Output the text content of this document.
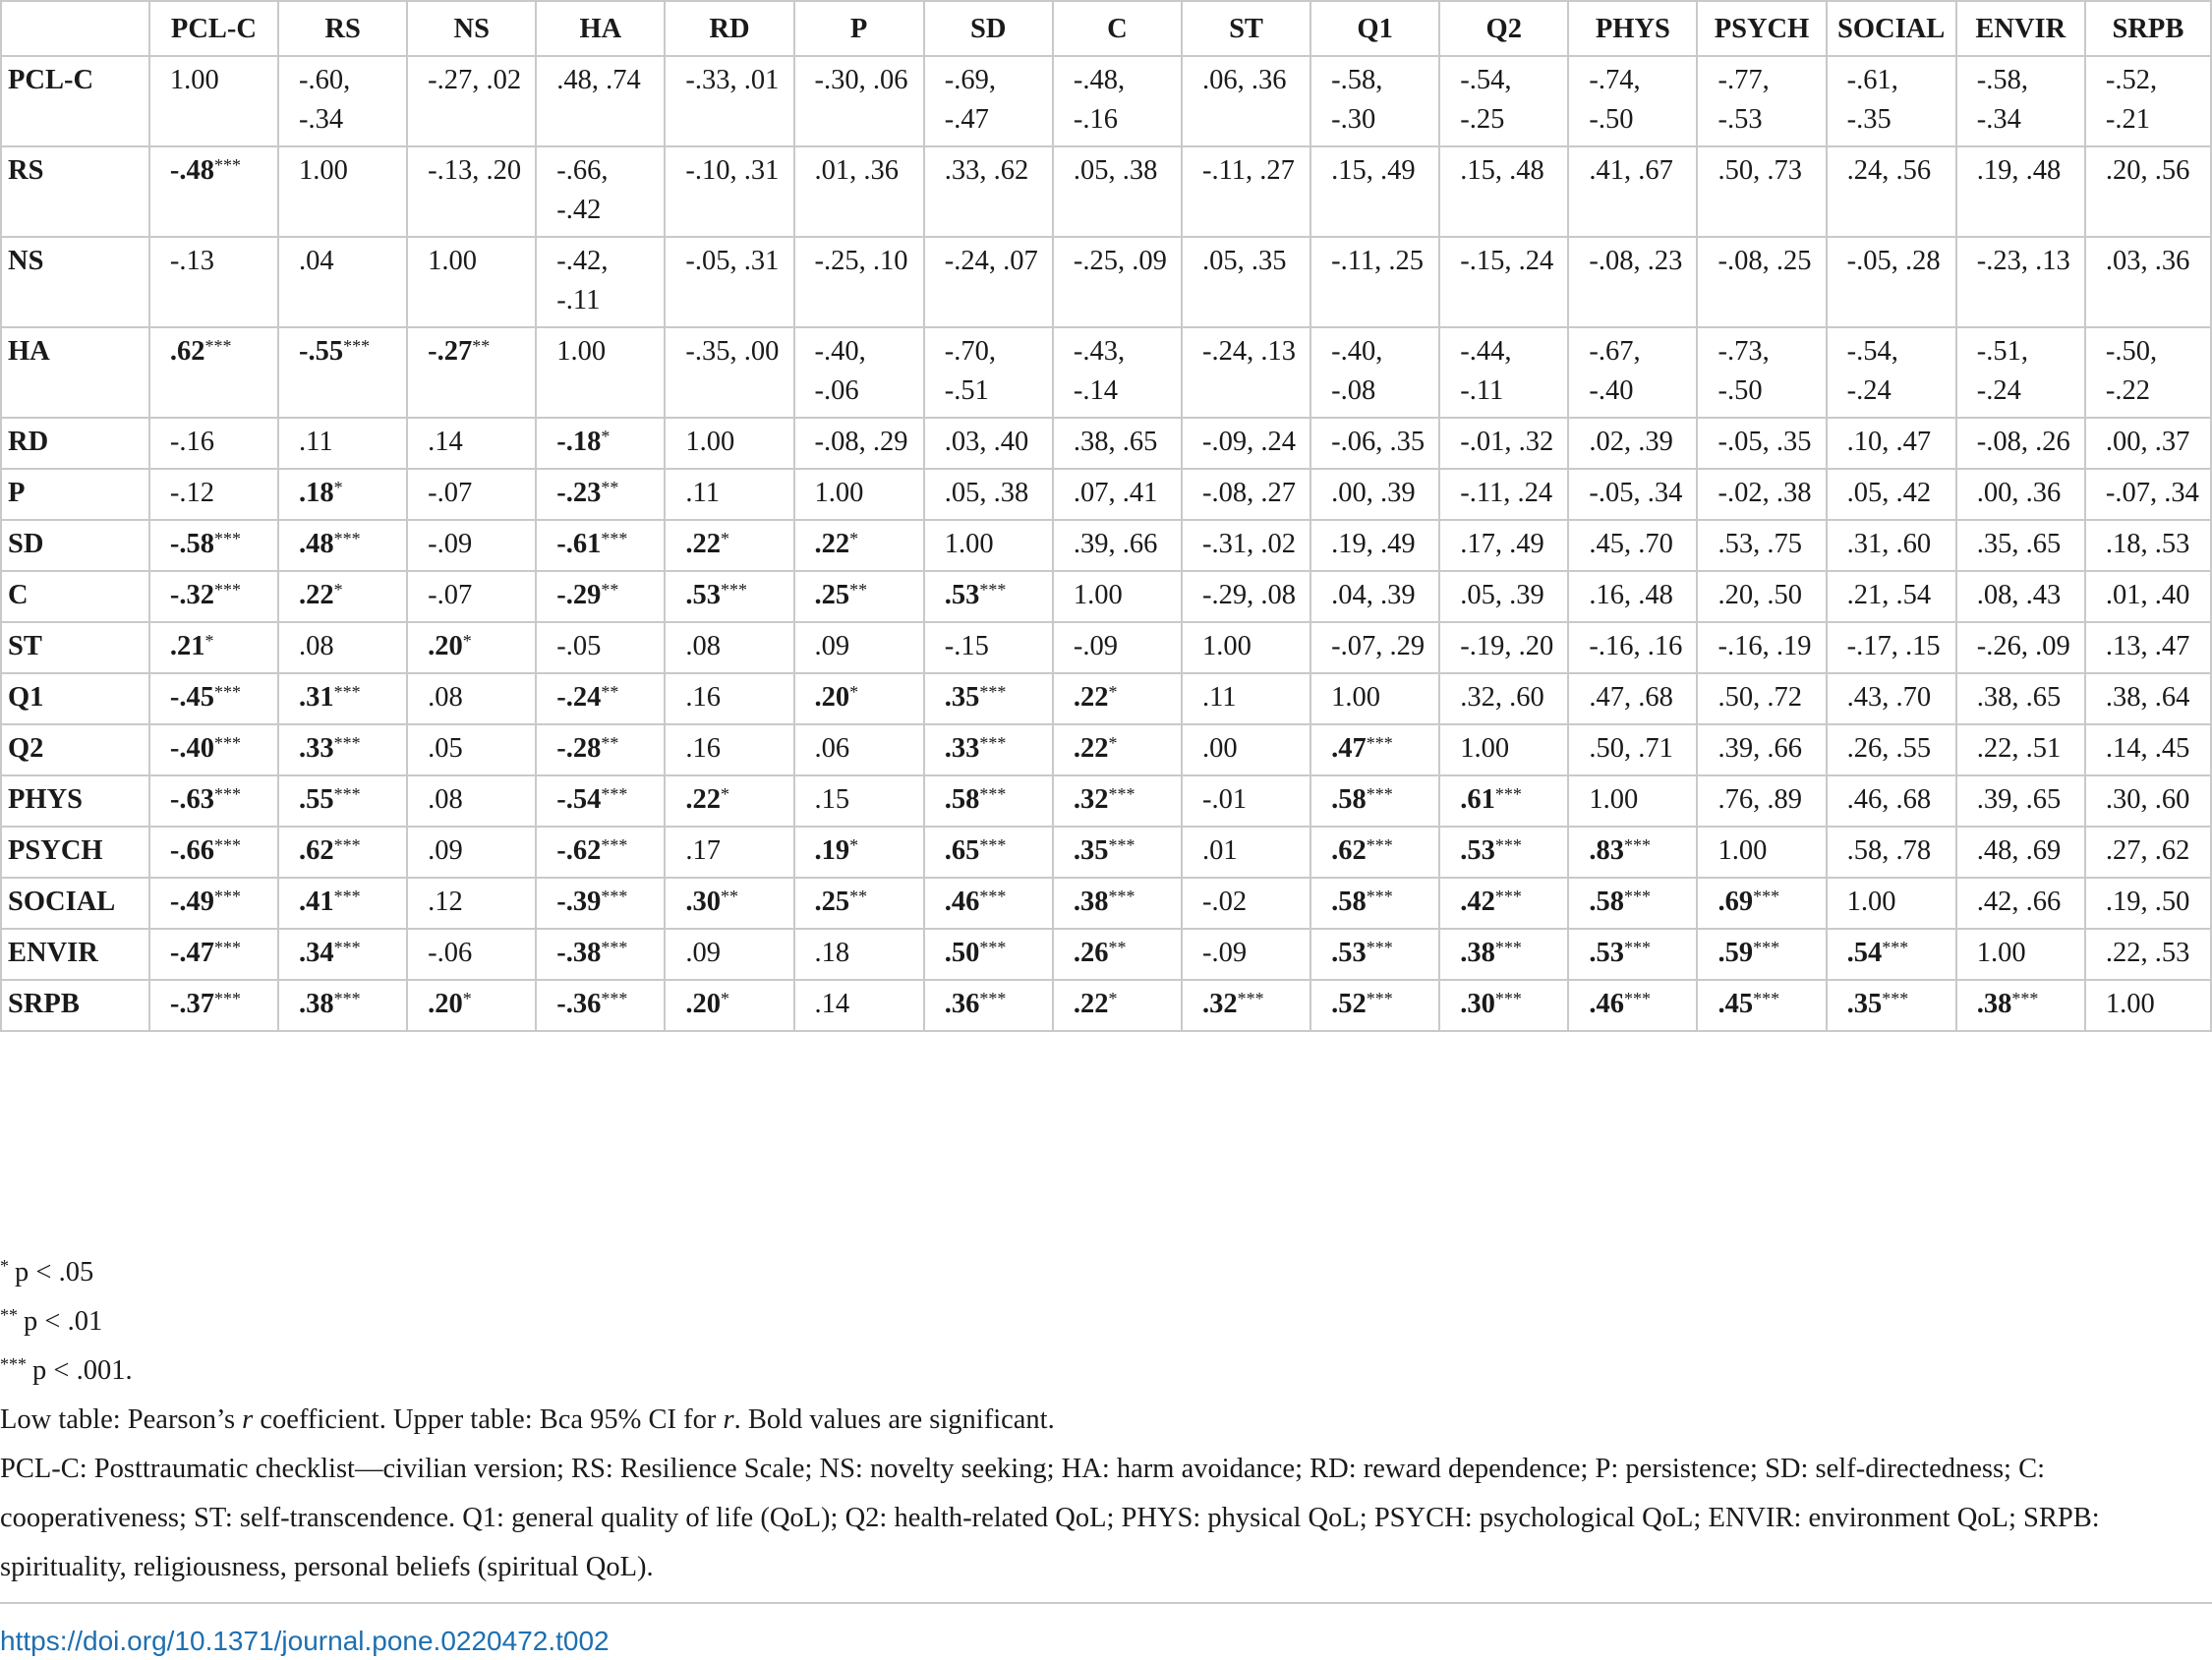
	PCL-C	RS	NS	HA	RD	P	SD	C	ST	Q1	Q2	PHYS	PSYCH	SOCIAL	ENVIR	SRPB
PCL-C	1.00	-.60, -.34	-.27, .02	.48, .74	-.33, .01	-.30, .06	-.69, -.47	-.48, -.16	.06, .36	-.58, -.30	-.54, -.25	-.74, -.50	-.77, -.53	-.61, -.35	-.58, -.34	-.52, -.21
RS	-.48***	1.00	-.13, .20	-.66, -.42	-.10, .31	.01, .36	.33, .62	.05, .38	-.11, .27	.15, .49	.15, .48	.41, .67	.50, .73	.24, .56	.19, .48	.20, .56
NS	-.13	.04	1.00	-.42, -.11	-.05, .31	-.25, .10	-.24, .07	-.25, .09	.05, .35	-.11, .25	-.15, .24	-.08, .23	-.08, .25	-.05, .28	-.23, .13	.03, .36
HA	.62***	-.55***	-.27**	1.00	-.35, .00	-.40, -.06	-.70, -.51	-.43, -.14	-.24, .13	-.40, -.08	-.44, -.11	-.67, -.40	-.73, -.50	-.54, -.24	-.51, -.24	-.50, -.22
RD	-.16	.11	.14	-.18*	1.00	-.08, .29	.03, .40	.38, .65	-.09, .24	-.06, .35	-.01, .32	.02, .39	-.05, .35	.10, .47	-.08, .26	.00, .37
P	-.12	.18*	-.07	-.23**	.11	1.00	.05, .38	.07, .41	-.08, .27	.00, .39	-.11, .24	-.05, .34	-.02, .38	.05, .42	.00, .36	-.07, .34
SD	-.58***	.48***	-.09	-.61***	.22*	.22*	1.00	.39, .66	-.31, .02	.19, .49	.17, .49	.45, .70	.53, .75	.31, .60	.35, .65	.18, .53
C	-.32***	.22*	-.07	-.29**	.53***	.25**	.53***	1.00	-.29, .08	.04, .39	.05, .39	.16, .48	.20, .50	.21, .54	.08, .43	.01, .40
ST	.21*	.08	.20*	-.05	.08	.09	-.15	-.09	1.00	-.07, .29	-.19, .20	-.16, .16	-.16, .19	-.17, .15	-.26, .09	.13, .47
Q1	-.45***	.31***	.08	-.24**	.16	.20*	.35***	.22*	.11	1.00	.32, .60	.47, .68	.50, .72	.43, .70	.38, .65	.38, .64
Q2	-.40***	.33***	.05	-.28**	.16	.06	.33***	.22*	.00	.47***	1.00	.50, .71	.39, .66	.26, .55	.22, .51	.14, .45
PHYS	-.63***	.55***	.08	-.54***	.22*	.15	.58***	.32***	-.01	.58***	.61***	1.00	.76, .89	.46, .68	.39, .65	.30, .60
PSYCH	-.66***	.62***	.09	-.62***	.17	.19*	.65***	.35***	.01	.62***	.53***	.83***	1.00	.58, .78	.48, .69	.27, .62
SOCIAL	-.49***	.41***	.12	-.39***	.30**	.25**	.46***	.38***	-.02	.58***	.42***	.58***	.69***	1.00	.42, .66	.19, .50
ENVIR	-.47***	.34***	-.06	-.38***	.09	.18	.50***	.26**	-.09	.53***	.38***	.53***	.59***	.54***	1.00	.22, .53
SRPB	-.37***	.38***	.20*	-.36***	.20*	.14	.36***	.22*	.32***	.52***	.30***	.46***	.45***	.35***	.38***	1.00

* p < .05

** p < .01

*** p < .001.

Low table: Pearson’s r coefficient. Upper table: Bca 95% CI for r. Bold values are significant.

PCL-C: Posttraumatic checklist—civilian version; RS: Resilience Scale; NS: novelty seeking; HA: harm avoidance; RD: reward dependence; P: persistence; SD: self-directedness; C: cooperativeness; ST: self-transcendence. Q1: general quality of life (QoL); Q2: health-related QoL; PHYS: physical QoL; PSYCH: psychological QoL; ENVIR: environment QoL; SRPB: spirituality, religiousness, personal beliefs (spiritual QoL).

https://doi.org/10.1371/journal.pone.0220472.t002
